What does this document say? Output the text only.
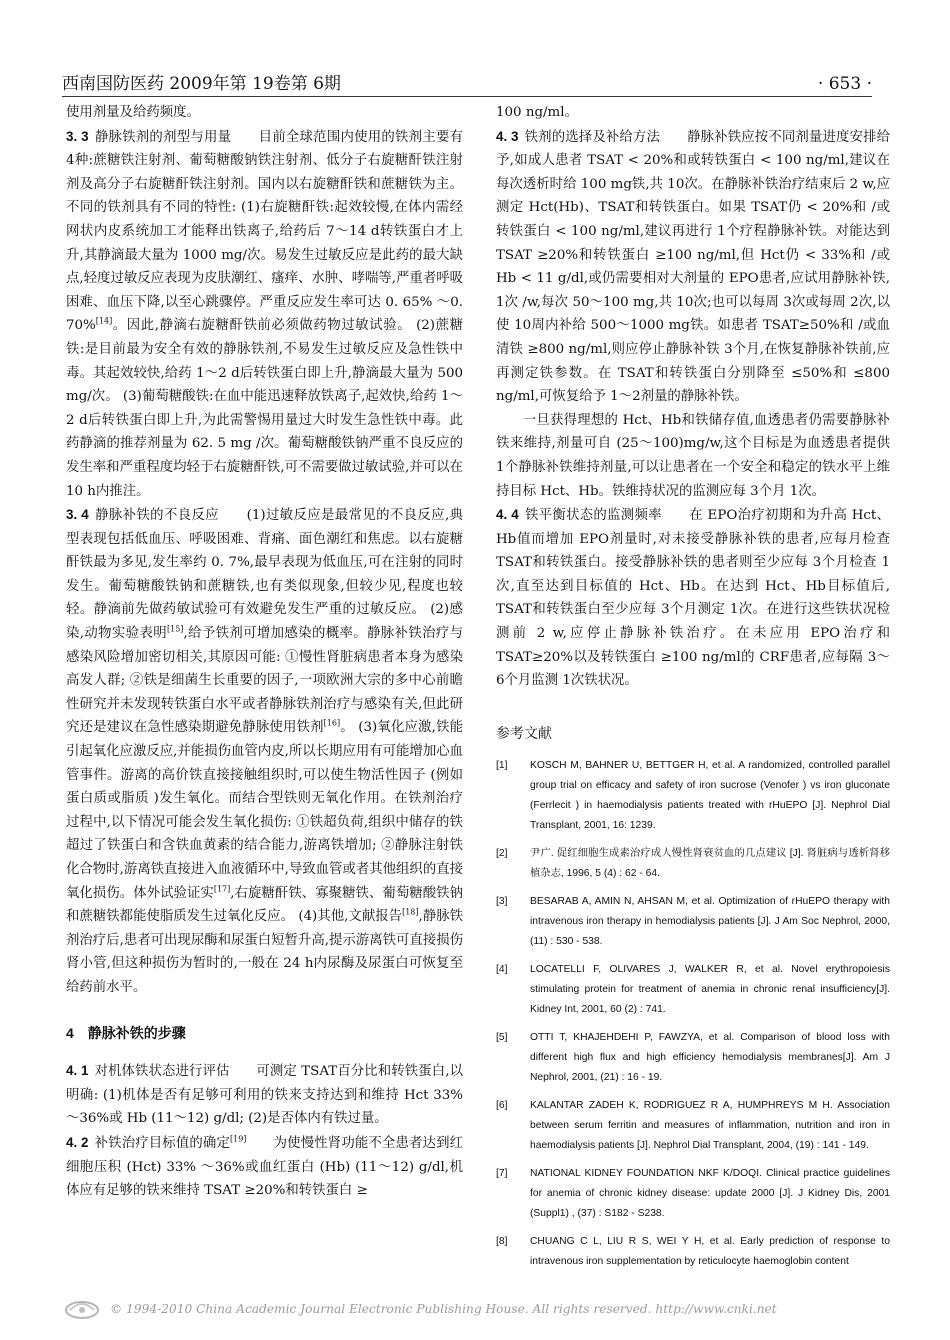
西南国防医药 2009年第 19卷第 6期	· 653 ·

使用剂量及给药频度。

3. 3 静脉铁剂的剂型与用量　　 目前全球范围内使用的铁剂主要有 4种:蔗糖铁注射剂、葡萄糖酸钠铁注射剂、低分子右旋糖酐铁注射剂及高分子右旋糖酐铁注射剂。国内以右旋糖酐铁和蔗糖铁为主。不同的铁剂具有不同的特性: (1)右旋糖酐铁:起效较慢,在体内需经网状内皮系统加工才能释出铁离子,给药后 7～14 d转铁蛋白才上升,其静滴最大量为 1000 mg/次。易发生过敏反应是此药的最大缺点,轻度过敏反应表现为皮肤潮红、瘙痒、水肿、哮喘等,严重者呼吸困难、血压下降,以至心跳骤停。严重反应发生率可达 0. 65% ～0. 70%[14]。因此,静滴右旋糖酐铁前必须做药物过敏试验。 (2)蔗糖铁:是目前最为安全有效的静脉铁剂,不易发生过敏反应及急性铁中毒。其起效较快,给药 1～2 d后转铁蛋白即上升,静滴最大量为 500 mg/次。 (3)葡萄糖酸铁:在血中能迅速释放铁离子,起效快,给药 1～2 d后转铁蛋白即上升,为此需警惕用量过大时发生急性铁中毒。此药静滴的推荐剂量为 62. 5 mg /次。葡萄糖酸铁钠严重不良反应的发生率和严重程度均轻于右旋糖酐铁,可不需要做过敏试验,并可以在 10 h内推注。

3. 4 静脉补铁的不良反应　　 (1)过敏反应是最常见的不良反应,典型表现包括低血压、呼吸困难、背痛、面色潮红和焦虑。以右旋糖酐铁最为多见,发生率约 0. 7%,最早表现为低血压,可在注射的同时发生。葡萄糖酸铁钠和蔗糖铁,也有类似现象,但较少见,程度也较轻。静滴前先做药敏试验可有效避免发生严重的过敏反应。 (2)感染,动物实验表明[15],给予铁剂可增加感染的概率。静脉补铁治疗与感染风险增加密切相关,其原因可能: ①慢性肾脏病患者本身为感染高发人群; ②铁是细菌生长重要的因子,一项欧洲大宗的多中心前瞻性研究并未发现转铁蛋白水平或者静脉铁剂治疗与感染有关,但此研究还是建议在急性感染期避免静脉使用铁剂[16]。 (3)氧化应激,铁能引起氧化应激反应,并能损伤血管内皮,所以长期应用有可能增加心血管事件。游离的高价铁直接接触组织时,可以使生物活性因子 (例如蛋白质或脂质 )发生氧化。而结合型铁则无氧化作用。在铁剂治疗过程中,以下情况可能会发生氧化损伤: ①铁超负荷,组织中储存的铁超过了铁蛋白和含铁血黄素的结合能力,游离铁增加; ②静脉注射铁化合物时,游离铁直接进入血液循环中,导致血管或者其他组织的直接氧化损伤。体外试验证实[17],右旋糖酐铁、寡聚糖铁、葡萄糖酸铁钠和蔗糖铁都能使脂质发生过氧化反应。 (4)其他,文献报告[18],静脉铁剂治疗后,患者可出现尿酶和尿蛋白短暂升高,提示游离铁可直接损伤肾小管,但这种损伤为暂时的,一般在 24 h内尿酶及尿蛋白可恢复至给药前水平。

4　静脉补铁的步骤

4. 1 对机体铁状态进行评估　　 可测定 TSAT百分比和转铁蛋白,以明确: (1)机体是否有足够可利用的铁来支持达到和维持 Hct 33% ～36%或 Hb (11～12) g/dl; (2)是否体内有铁过量。

4. 2 补铁治疗目标值的确定[19]　　 为使慢性肾功能不全患者达到红细胞压积 (Hct) 33% ～36%或血红蛋白 (Hb) (11～12) g/dl,机体应有足够的铁来维持 TSAT ≥20%和转铁蛋白 ≥

100 ng/ml。

4. 3 铁剂的选择及补给方法　　 静脉补铁应按不同剂量进度安排给予,如成人患者 TSAT < 20%和或转铁蛋白 < 100 ng/ml,建议在每次透析时给 100 mg铁,共 10次。在静脉补铁治疗结束后 2 w,应测定 Hct(Hb)、TSAT和转铁蛋白。如果 TSAT仍 < 20%和 /或转铁蛋白 < 100 ng/ml,建议再进行 1个疗程静脉补铁。对能达到 TSAT ≥20%和转铁蛋白 ≥100 ng/ml,但 Hct仍 < 33%和 /或 Hb < 11 g/dl,或仍需要相对大剂量的 EPO患者,应试用静脉补铁, 1次 /w,每次 50～100 mg,共 10次;也可以每周 3次或每周 2次,以使 10周内补给 500～1000 mg铁。如患者 TSAT≥50%和 /或血清铁 ≥800 ng/ml,则应停止静脉补铁 3个月,在恢复静脉补铁前,应再测定铁参数。在 TSAT和转铁蛋白分别降至 ≤50%和 ≤800 ng/ml,可恢复给予 1～2剂量的静脉补铁。

一旦获得理想的 Hct、Hb和铁储存值,血透患者仍需要静脉补铁来维持,剂量可自 (25～100)mg/w,这个目标是为血透患者提供 1个静脉补铁维持剂量,可以让患者在一个安全和稳定的铁水平上维持目标 Hct、Hb。铁维持状况的监测应每 3个月 1次。

4. 4 铁平衡状态的监测频率　　 在 EPO治疗初期和为升高 Hct、Hb值而增加 EPO剂量时,对未接受静脉补铁的患者,应每月检查 TSAT和转铁蛋白。接受静脉补铁的患者则至少应每 3个月检查 1次,直至达到目标值的 Hct、Hb。在达到 Hct、Hb目标值后, TSAT和转铁蛋白至少应每 3个月测定 1次。在进行这些铁状况检测前 2 w,应停止静脉补铁治疗。在未应用 EPO治疗和 TSAT≥20%以及转铁蛋白 ≥100 ng/ml的 CRF患者,应每隔 3～6个月监测 1次铁状况。

参考文献

[1]	KOSCH M, BAHNER U, BETTGER H, et al. A randomized, controlled parallel group trial on efficacy and safety of iron sucrose (Venofer ) vs iron gluconate (Ferrlecit ) in haemodialysis patients treated with rHuEPO [J]. Nephrol Dial Transplant, 2001, 16: 1239.
[2]	尹广. 促红细胞生成素治疗成人慢性肾衰贫血的几点建议 [J]. 肾脏病与透析肾移植杂志, 1996, 5 (4) : 62 - 64.
[3]	BESARAB A, AMIN N, AHSAN M, et al. Optimization of rHuEPO therapy with intravenous iron therapy in hemodialysis patients [J]. J Am Soc Nephrol, 2000, (11) : 530 - 538.
[4]	LOCATELLI F, OLIVARES J, WALKER R, et al. Novel erythropoiesis stimulating protein for treatment of anemia in chronic renal insufficiency[J]. Kidney Int, 2001, 60 (2) : 741.
[5]	OTTI T, KHAJEHDEHI P, FAWZYA, et al. Comparison of blood loss with different high flux and high efficiency hemodialysis membranes[J]. Am J Nephrol, 2001, (21) : 16 - 19.
[6]	KALANTAR ZADEH K, RODRIGUEZ R A, HUMPHREYS M H. Association between serum ferritin and measures of inflammation, nutrition and iron in haemodialysis patients [J]. Nephrol Dial Transplant, 2004, (19) : 141 - 149.
[7]	NATIONAL KIDNEY FOUNDATION NKF K/DOQI. Clinical practice guidelines for anemia of chronic kidney disease: update 2000 [J]. J Kidney Dis, 2001 (Suppl1) , (37) : S182 - S238.
[8]	CHUANG C L, LIU R S, WEI Y H, et al. Early prediction of response to intravenous iron supplementation by reticulocyte haemoglobin content
© 1994-2010 China Academic Journal Electronic Publishing House. All rights reserved. http://www.cnki.net
